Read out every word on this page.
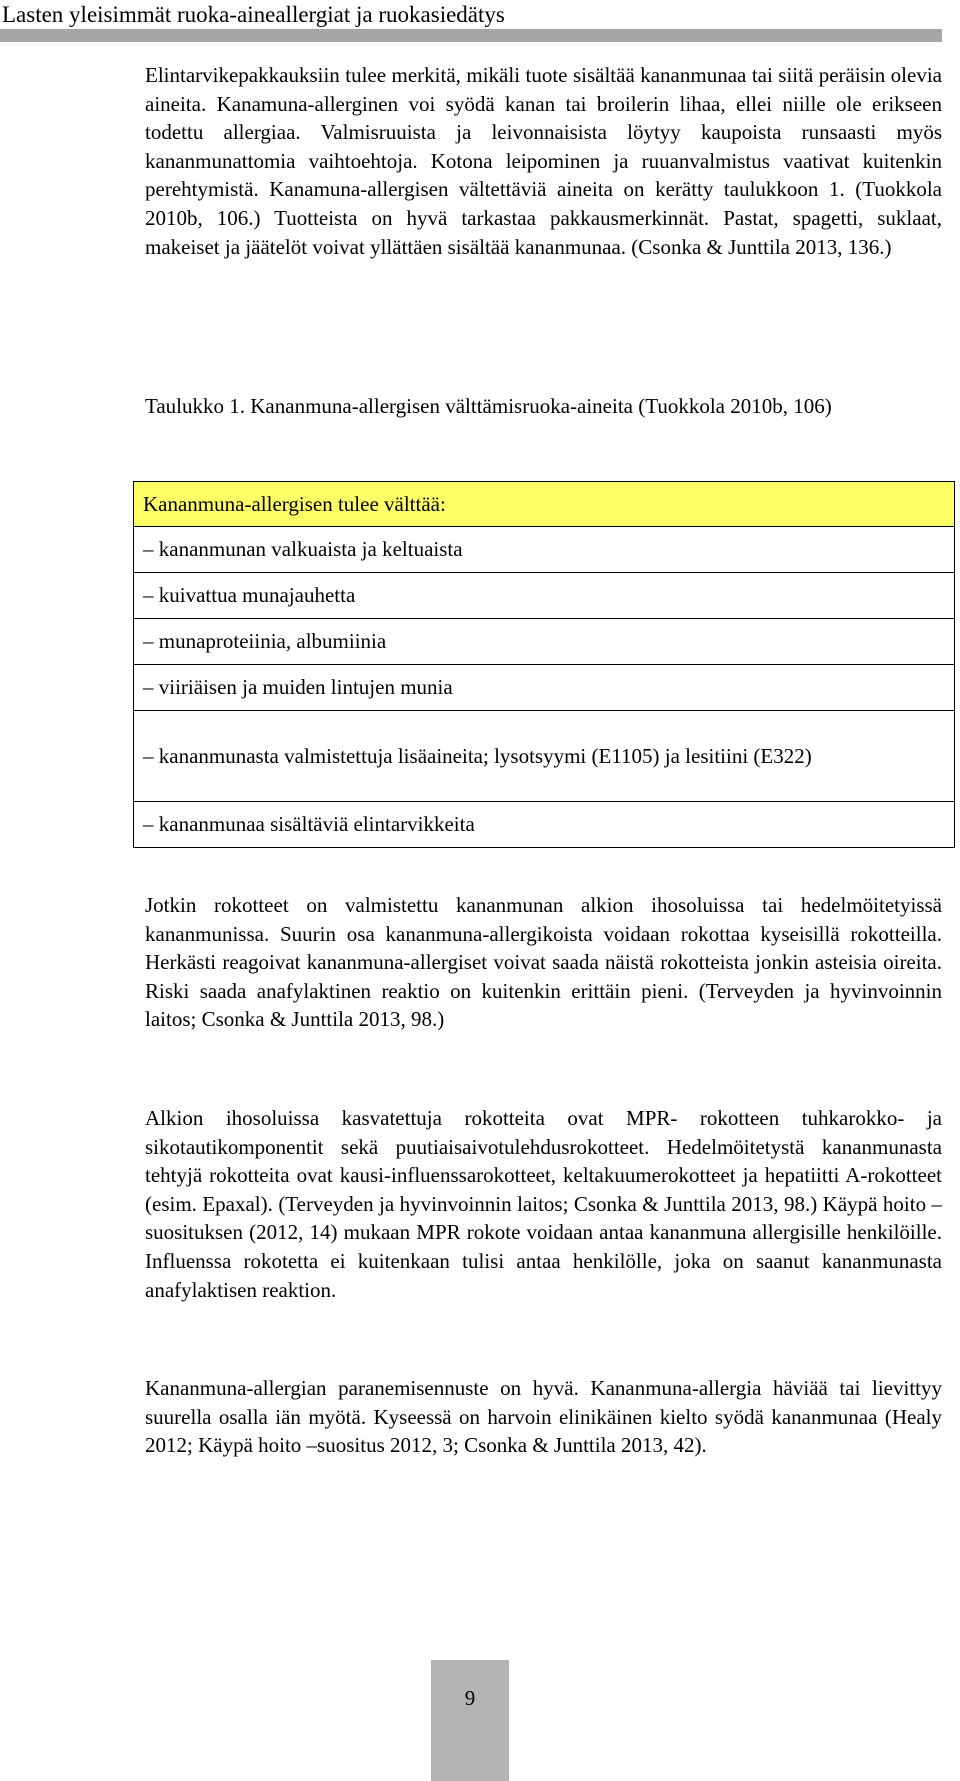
Lasten yleisimmät ruoka-aineallergiat ja ruokasiedätys

Elintarvikepakkauksiin tulee merkitä, mikäli tuote sisältää kananmunaa tai siitä peräisin olevia aineita. Kanamuna-allerginen voi syödä kanan tai broilerin lihaa, ellei niille ole erikseen todettu allergiaa. Valmisruuista ja leivonnaisista löytyy kaupoista runsaasti myös kananmunattomia vaihtoehtoja. Kotona leipominen ja ruuanvalmistus vaativat kuitenkin perehtymistä. Kanamuna-allergisen vältettäviä aineita on kerätty taulukkoon 1. (Tuokkola 2010b, 106.) Tuotteista on hyvä tarkastaa pakkausmerkinnät. Pastat, spagetti, suklaat, makeiset ja jäätelöt voivat yllättäen sisältää kananmunaa. (Csonka & Junttila 2013, 136.)

Taulukko 1. Kananmuna-allergisen välttämisruoka-aineita (Tuokkola 2010b, 106)

Kananmuna-allergisen tulee välttää:
– kananmunan valkuaista ja keltuaista
– kuivattua munajauhetta
– munaproteiinia, albumiinia
– viiriäisen ja muiden lintujen munia
– kananmunasta valmistettuja lisäaineita; lysotsyymi (E1105) ja lesitiini (E322)
– kananmunaa sisältäviä elintarvikkeita

Jotkin rokotteet on valmistettu kananmunan alkion ihosoluissa tai hedelmöitetyissä kananmunissa. Suurin osa kananmuna-allergikoista voidaan rokottaa kyseisillä rokotteilla. Herkästi reagoivat kananmuna-allergiset voivat saada näistä rokotteista jonkin asteisia oireita. Riski saada anafylaktinen reaktio on kuitenkin erittäin pieni. (Terveyden ja hyvinvoinnin laitos; Csonka & Junttila 2013, 98.)

Alkion ihosoluissa kasvatettuja rokotteita ovat MPR- rokotteen tuhkarokko- ja sikotautikomponentit sekä puutiaisaivotulehdusrokotteet. Hedelmöitetystä kananmunasta tehtyjä rokotteita ovat kausi-influenssarokotteet, keltakuumerokotteet ja hepatiitti A-rokotteet (esim. Epaxal). (Terveyden ja hyvinvoinnin laitos; Csonka & Junttila 2013, 98.) Käypä hoito –suosituksen (2012, 14) mukaan MPR rokote voidaan antaa kananmuna allergisille henkilöille. Influenssa rokotetta ei kuitenkaan tulisi antaa henkilölle, joka on saanut kananmunasta anafylaktisen reaktion.

Kananmuna-allergian paranemisennuste on hyvä. Kananmuna-allergia häviää tai lievittyy suurella osalla iän myötä. Kyseessä on harvoin elinikäinen kielto syödä kananmunaa (Healy 2012; Käypä hoito –suositus 2012, 3; Csonka & Junttila 2013, 42).

9
